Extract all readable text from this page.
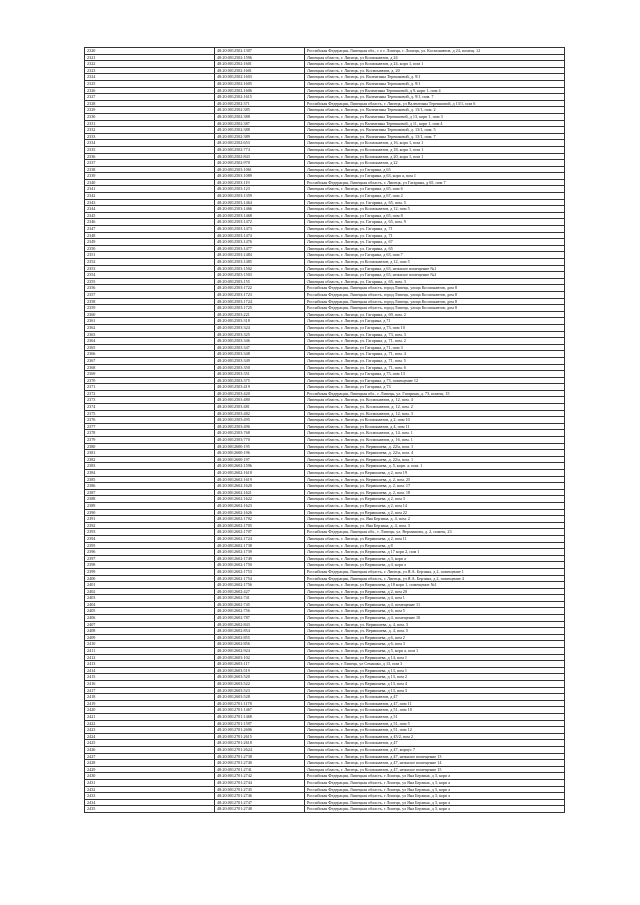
2320	48:20:0012502:1307	Российская Федерация, Липецкая обл., г о г. Липецк, г. Липецк, ул. Космонавтов, д 24, помещ. 12
2321	48:20:0012502:1596	Липецкая область, г. Липецк, ул Космонавтов, д 24
2322	48:20:0012502:1601	Липецкая область, г. Липецк, ул Космонавтов, д 24, корп 1, пом 1
2323	48:20:0012502:1601	Липецкая область, г. Липецк, ул. Космонавтов, д. 20
2324	48:20:0012502:1603	Липецкая область, г. Липецк, ул. Валентины Терешковой, д. 9/1
2325	48:20:0012502:1605	Липецкая область, г. Липецк, ул. Валентины Терешковой, д. 9/1
2326	48:20:0012502:1606	Липецкая область, г. Липецк, ул Валентины Терешковой, д 9, корп 1, пом 4
2327	48:20:0012502:1615	Липецкая область, г. Липецк, ул. Валентины Терешковой, д. 9/1, пом. 7
2328	48:20:0012502:371	Российская Федерация, Липецкая область, г. Липецк, ул Валентины Терешковой, д 13/1, пом 6
2329	48:20:0012502:385	Липецкая область, г. Липецк, ул. Валентины Терешковой, д. 13/1, пом. 2
2330	48:20:0012502:388	Липецкая область, г. Липецк, ул Валентины Терешковой, д 13, корп 1, пом 3
2331	48:20:0012502:387	Липецкая область, г. Липецк, ул Валентины Терешковой, д 11, корп 1, пом 4
2332	48:20:0012502:388	Липецкая область, г. Липецк, ул. Валентины Терешковой, д. 13/1, пом. 5
2333	48:20:0012502:389	Липецкая область, г. Липецк, ул. Валентины Терешковой, д. 13/1, пом. 7
2334	48:20:0012502:653	Липецкая область, г. Липецк, ул Космонавтов, д 16, корп 1, пом 1
2335	48:20:0012502:774	Липецкая область, г. Липецк, ул Космонавтов, д 18, корп 1, пом 1
2336	48:20:0012502:843	Липецкая область, г. Липецк, ул Космонавтов, д 20, корп 1, пом 1
2337	48:20:0012502:970	Липецкая область, г. Липецк, ул Космонавтов, д 22
2338	48:20:0012503:1061	Липецкая область, г. Липецк, ул Гагарина, д 63
2339	48:20:0012503:1089	Липецкая область, г. Липецк, ул Гагарина, д 63, корп а, пом 1
2340	48:20:0012503:119	Российская Федерация, Липецкая область, г. Липецк, ул Гагарина, д 65, пом 7
2341	48:20:0012503:123	Липецкая область, г. Липецк, ул Гагарина, д 65, пом 6
2342	48:20:0012503:1359	Липецкая область, г. Липецк, ул Гагарина, д 67, пом 2
2343	48:20:0012503:1464	Липецкая область, г. Липецк, ул. Гагарина, д. 65, пом. 5
2344	48:20:0012503:1466	Липецкая область, г. Липецк, ул Космонавтов, д 12, пом 5
2345	48:20:0012503:1468	Липецкая область, г. Липецк, ул Гагарина, д 65, пом 8
2346	48:20:0012503:1472	Липецкая область, г. Липецк, ул. Гагарина, д. 65, пом. 9
2347	48:20:0012503:1473	Липецкая область, г. Липецк, ул. Гагарина, д. 71
2348	48:20:0012503:1474	Липецкая область, г. Липецк, ул. Гагарина, д. 71
2349	48:20:0012503:1476	Липецкая область, г. Липецк, ул. Гагарина, д. 67
2350	48:20:0012503:1477	Липецкая область, г. Липецк, ул. Гагарина, д. 65
2351	48:20:0012503:1484	Липецкая область, г. Липецк, ул Гагарина, д 63, пом 7
2352	48:20:0012503:1485	Липецкая область, г. Липецк, ул Космонавтов, д 12, пом 5
2353	48:20:0012503:1502	Липецкая область, г. Липецк, ул Гагарина, д 63, нежилое помещение №1
2354	48:20:0012503:1503	Липецкая область, г. Липецк, ул Гагарина, д 63, нежилое помещение №2
2355	48:20:0012503:155	Липецкая область, г. Липецк, ул. Гагарина, д. 65, пом. 3
2356	48:20:0012503:1722	Российская Федерация, Липецкая область, город Липецк, улица Космонавтов, дом 8
2357	48:20:0012503:1723	Российская Федерация, Липецкая область, город Липецк, улица Космонавтов, дом 8
2358	48:20:0012503:1724	Российская Федерация, Липецкая область, город Липецк, улица Космонавтов, дом 8
2359	48:20:0012503:1725	Российская Федерация, Липецкая область, город Липецк, улица Космонавтов, дом 8
2360	48:20:0012503:221	Липецкая область, г. Липецк, ул. Гагарина, д. 69, пом. 2
2361	48:20:0012503:318	Липецкая область, г. Липецк, ул Гагарина, д 71
2362	48:20:0012503:324	Липецкая область, г. Липецк, ул Гагарина, д 73, пом 10
2363	48:20:0012503:325	Липецкая область, г. Липецк, ул. Гагарина, д. 73, пом. 3
2364	48:20:0012503:346	Липецкая область, г. Липецк, ул. Гагарина, д. 71, пом. 2
2365	48:20:0012503:347	Липецкая область, г. Липецк, ул Гагарина, д 71, пом 3
2366	48:20:0012503:348	Липецкая область, г. Липецк, ул. Гагарина, д. 71, пом. 4
2367	48:20:0012503:349	Липецкая область, г. Липецк, ул. Гагарина, д. 71, пом. 5
2368	48:20:0012503:350	Липецкая область, г. Липецк, ул. Гагарина, д. 71, пом. 6
2369	48:20:0012503:351	Липецкая область, г. Липецк, ул Гагарина, д 73, пом 13
2370	48:20:0012503:375	Липецкая область, г. Липецк, ул Гагарина, д 73, помещение 12
2371	48:20:0012503:419	Липецкая область, г. Липецк, ул Гагарина, д 73
2372	48:20:0012503:420	Российская Федерация, Липецкая обл., г. Липецк, ул. Гагарина, д. 73, помещ. 15
2373	48:20:0012503:480	Липецкая область, г. Липецк, ул. Космонавтов, д. 12, пом. 4
2374	48:20:0012503:481	Липецкая область, г. Липецк, ул. Космонавтов, д. 12, пом. 2
2375	48:20:0012503:482	Липецкая область, г. Липецк, ул. Космонавтов, д. 12, пом. 3
2376	48:20:0012503:495	Липецкая область, г. Липецк, ул Космонавтов, д 2, пом 10
2377	48:20:0012503:496	Липецкая область, г. Липецк, ул Космонавтов, д 4, пом 11
2378	48:20:0012503:768	Липецкая область, г. Липецк, ул. Космонавтов, д. 14, пом. 1
2379	48:20:0012503:770	Липецкая область, г. Липецк, ул. Космонавтов, д. 16, пом. 1
2380	48:20:0012600:195	Липецкая область, г. Липецк, ул. Вермишева, д. 22/а, пом. 1
2381	48:20:0012600:196	Липецкая область, г. Липецк, ул. Вермишева, д. 22/а, пом. 4
2382	48:20:0012600:197	Липецкая область, г. Липецк, ул. Вермишева, д. 22/а, пом. 1
2383	48:20:0012602:1596	Липецкая область, г. Липецк, ул. Вермишева, д. 5, корп. а, пом. 1
2384	48:20:0012602:1618	Липецкая область, г. Липецк, ул Вермишева, д 2, пом 19
2385	48:20:0012602:1619	Липецкая область, г. Липецк, ул. Вермишева, д. 2, пом. 25
2386	48:20:0012602:1620	Липецкая область, г. Липецк, ул. Вермишева, д. 2, пом. 17
2387	48:20:0012602:1621	Липецкая область, г. Липецк, ул. Вермишева, д. 2, пом. 18
2388	48:20:0012602:1622	Липецкая область, г. Липецк, ул Вермишева, д 2, пом 3
2389	48:20:0012602:1623	Липецкая область, г. Липецк, ул Вермишева, д 2, пом 14
2390	48:20:0012602:1626	Липецкая область, г. Липецк, ул Вермишева, д 2, пом 22
2391	48:20:0012602:1702	Липецкая область, г. Липецк, ул. Яна Берзина, д. 4, пом. 2
2392	48:20:0012602:1705	Липецкая область, г. Липецк, ул. Яна Берзина, д. 4, пом. 3
2393	48:20:0012602:1707	Российская Федерация, Липецкая обл., г. Липецк, ул. Вермишева, д. 2, помещ. 23
2394	48:20:0012602:1724	Липецкая область, г. Липецк, ул Вермишева, д 2, пом 11
2395	48:20:0012602:1738	Липецкая область, г. Липецк, ул Вермишева, д 8
2396	48:20:0012602:1739	Липецкая область, г. Липецк, ул Вермишева, д 17 корп 2, пом 1
2397	48:20:0012602:1749	Липецкая область, г. Липецк, ул Вермишева, д 3, корп а
2398	48:20:0012602:1750	Липецкая область, г. Липецк, ул Вермишева, д 4, корп а
2399	48:20:0012602:1753	Российская Федерация, Липецкая область, г. Липецк, ул Я.А. Берзина, д 2, помещение 1
2400	48:20:0012602:1754	Российская Федерация, Липецкая область, г. Липецк, ул Я.А. Берзина, д 2, помещение 4
2401	48:20:0012602:1756	Липецкая область, г. Липецк, ул Вермишева, д 18 корп 1, помещение №1
2402	48:20:0012602:427	Липецкая область, г. Липецк, ул Вермишева, д 2, пом 20
2403	48:20:0012602:741	Липецкая область, г. Липецк, ул Вермишева, д 4, пом 1
2404	48:20:0012602:745	Липецкая область, г. Липецк, ул Вермишева, д 4, помещение 11
2405	48:20:0012602:756	Липецкая область, г. Липецк, ул Вермишева, д 6, пом 5
2406	48:20:0012602:787	Липецкая область, г. Липецк, ул Вермишева, д 4, помещение 10
2407	48:20:0012602:843	Липецкая область, г. Липецк, ул. Вермишева, д. 4, пом. 3
2408	48:20:0012602:854	Липецкая область, г. Липецк, ул. Вермишева, д. 4, пом. 5
2409	48:20:0012602:855	Липецкая область, г. Липецк, ул Вермишева, д 6, пом 2
2410	48:20:0012602:856	Липецкая область, г. Липецк, ул Вермишева, д 6, пом 3
2411	48:20:0012602:924	Липецкая область, г. Липецк, ул Вермишева, д 5, корп а, пом 1
2412	48:20:0012603:102	Липецкая область, г. Липецк, ул Вермишева, д 14, пом 1
2413	48:20:0012603:117	Липецкая область, г Липецк, ул Семашко, д 13, пом 3
2414	48:20:0012603:519	Липецкая область, г. Липецк, ул Вермишева, д 13, пом 1
2415	48:20:0012603:520	Липецкая область, г. Липецк, ул Вермишева, д 13, пом 2
2416	48:20:0012603:522	Липецкая область, г. Липецк, ул Вермишева, д 13, пом 4
2417	48:20:0012603:523	Липецкая область, г. Липецк, ул Вермишева, д 13, пом 3
2418	48:20:0012603:528	Липецкая область, г. Липецк, ул Космонавтов, д 47
2419	48:20:0012701:1178	Липецкая область, г. Липецк, ул Космонавтов, д 47, пом 11
2420	48:20:0012701:1467	Липецкая область, г. Липецк, ул Космонавтов, д 51, пом 10
2421	48:20:0012701:1468	Липецкая область, г. Липецк, ул Космонавтов, д 51
2422	48:20:0012701:1597	Липецкая область, г. Липецк, ул Космонавтов, д 51, пом 5
2423	48:20:0012701:2606	Липецкая область, г. Липецк, ул Космонавтов, д 51, пом 12
2424	48:20:0012701:2615	Липецкая область, г. Липецк, ул Космонавтов, д 45/2, пом 2
2425	48:20:0012701:2618	Липецкая область, г. Липецк, ул Космонавтов, д 47
2426	48:20:0012701:2624	Липецкая область, г. Липецк, ул Космонавтов, д 47, корпус 7
2427	48:20:0012701:2738	Липецкая область, г. Липецк, ул Космонавтов, д 47, нежилое помещение 13
2428	48:20:0012701:2740	Липецкая область, г. Липецк, ул Космонавтов, д 47, нежилое помещение 14
2429	48:20:0012701:2741	Липецкая область, г. Липецк, ул Космонавтов, д 47, нежилое помещение 15
2430	48:20:0012701:2742	Российская Федерация, Липецкая область, г Липецк, ул Яна Берзина, д 3, корп а
2431	48:20:0012701:2744	Российская Федерация, Липецкая область, г Липецк, ул Яна Берзина, д 3, корп а
2432	48:20:0012701:2745	Российская Федерация, Липецкая область, г Липецк, ул Яна Берзина, д 3, корп а
2433	48:20:0012701:2746	Российская Федерация, Липецкая область, г Липецк, ул Яна Берзина, д 3, корп а
2434	48:20:0012701:2747	Российская Федерация, Липецкая область, г Липецк, ул Яна Берзина, д 3, корп а
2435	48:20:0012701:2748	Российская Федерация, Липецкая область, г Липецк, ул Яна Берзина, д 3, корп а
